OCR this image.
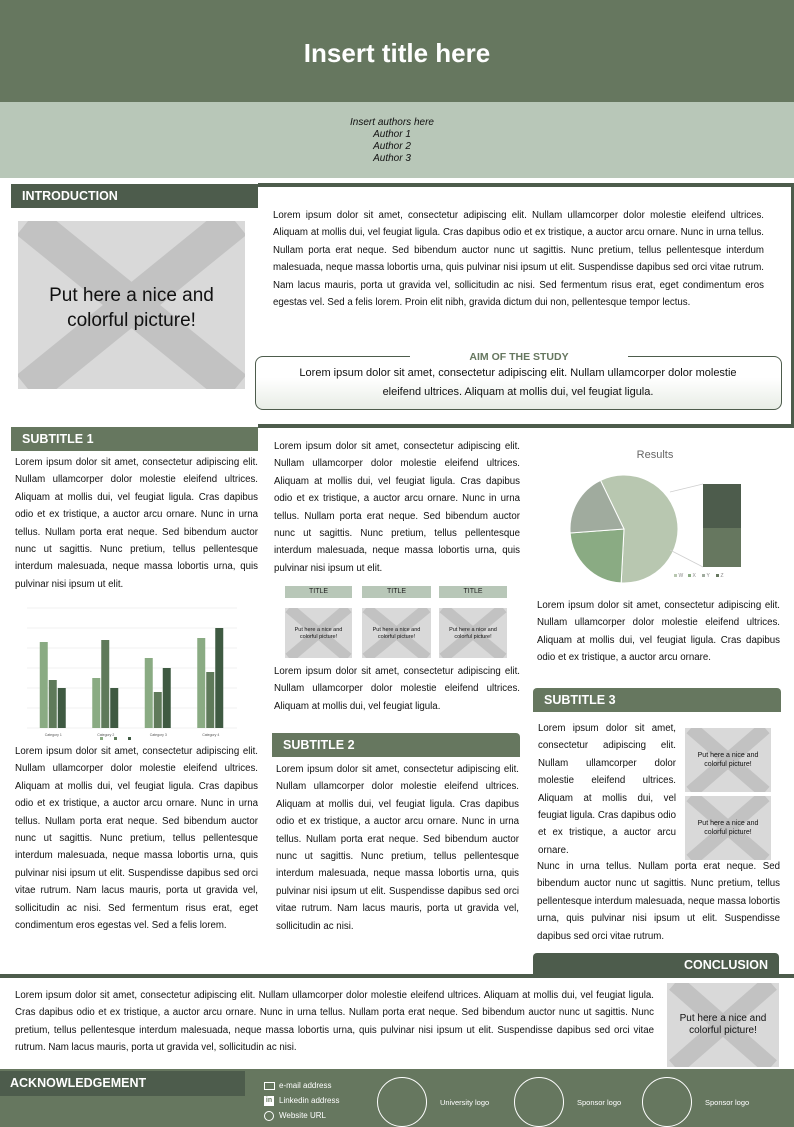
Insert title here
Insert authors here
Author 1
Author 2
Author 3
INTRODUCTION
Put here a nice and colorful picture!
Lorem ipsum dolor sit amet, consectetur adipiscing elit. Nullam ullamcorper dolor molestie eleifend ultrices. Aliquam at mollis dui, vel feugiat ligula. Cras dapibus odio et ex tristique, a auctor arcu ornare. Nunc in urna tellus. Nullam porta erat neque. Sed bibendum auctor nunc ut sagittis. Nunc pretium, tellus pellentesque interdum malesuada, neque massa lobortis urna, quis pulvinar nisi ipsum ut elit. Suspendisse dapibus sed orci vitae rutrum. Nam lacus mauris, porta ut gravida vel, sollicitudin ac nisi. Sed fermentum risus erat, eget condimentum eros egestas vel. Sed a felis lorem. Proin elit nibh, gravida dictum dui non, pellentesque tempor lectus.
AIM OF THE STUDY
Lorem ipsum dolor sit amet, consectetur adipiscing elit. Nullam ullamcorper dolor molestie eleifend ultrices. Aliquam at mollis dui, vel feugiat ligula.
SUBTITLE 1
Lorem ipsum dolor sit amet, consectetur adipiscing elit. Nullam ullamcorper dolor molestie eleifend ultrices. Aliquam at mollis dui, vel feugiat ligula. Cras dapibus odio et ex tristique, a auctor arcu ornare. Nunc in urna tellus. Nullam porta erat neque. Sed bibendum auctor nunc ut sagittis. Nunc pretium, tellus pellentesque interdum malesuada, neque massa lobortis urna, quis pulvinar nisi ipsum ut elit.
Category 1	Category 2	Category 3	Category 4
Lorem ipsum dolor sit amet, consectetur adipiscing elit. Nullam ullamcorper dolor molestie eleifend ultrices. Aliquam at mollis dui, vel feugiat ligula. Cras dapibus odio et ex tristique, a auctor arcu ornare. Nunc in urna tellus. Nullam porta erat neque. Sed bibendum auctor nunc ut sagittis. Nunc pretium, tellus pellentesque interdum malesuada, neque massa lobortis urna, quis pulvinar nisi ipsum ut elit. Suspendisse dapibus sed orci vitae rutrum. Nam lacus mauris, porta ut gravida vel, sollicitudin ac nisi. Sed fermentum risus erat, eget condimentum eros egestas vel. Sed a felis lorem.
Lorem ipsum dolor sit amet, consectetur adipiscing elit. Nullam ullamcorper dolor molestie eleifend ultrices. Aliquam at mollis dui, vel feugiat ligula. Cras dapibus odio et ex tristique, a auctor arcu ornare. Nunc in urna tellus. Nullam porta erat neque. Sed bibendum auctor nunc ut sagittis. Nunc pretium, tellus pellentesque interdum malesuada, neque massa lobortis urna, quis pulvinar nisi ipsum ut elit.
TITLE	TITLE	TITLE
Put here a nice and colorful picture!
Put here a nice and colorful picture!
Put here a nice and colorful picture!
Lorem ipsum dolor sit amet, consectetur adipiscing elit. Nullam ullamcorper dolor molestie eleifend ultrices. Aliquam at mollis dui, vel feugiat ligula.
SUBTITLE 2
Lorem ipsum dolor sit amet, consectetur adipiscing elit. Nullam ullamcorper dolor molestie eleifend ultrices. Aliquam at mollis dui, vel feugiat ligula. Cras dapibus odio et ex tristique, a auctor arcu ornare. Nunc in urna tellus. Nullam porta erat neque. Sed bibendum auctor nunc ut sagittis. Nunc pretium, tellus pellentesque interdum malesuada, neque massa lobortis urna, quis pulvinar nisi ipsum ut elit. Suspendisse dapibus sed orci vitae rutrum. Nam lacus mauris, porta ut gravida vel, sollicitudin ac nisi.
Results
W X Y Z
Lorem ipsum dolor sit amet, consectetur adipiscing elit. Nullam ullamcorper dolor molestie eleifend ultrices. Aliquam at mollis dui, vel feugiat ligula. Cras dapibus odio et ex tristique, a auctor arcu ornare.
SUBTITLE 3
Lorem ipsum dolor sit amet, consectetur adipiscing elit. Nullam ullamcorper dolor molestie eleifend ultrices. Aliquam at mollis dui, vel feugiat ligula. Cras dapibus odio et ex tristique, a auctor arcu ornare.
Put here a nice and colorful picture!
Put here a nice and colorful picture!
Nunc in urna tellus. Nullam porta erat neque. Sed bibendum auctor nunc ut sagittis. Nunc pretium, tellus pellentesque interdum malesuada, neque massa lobortis urna, quis pulvinar nisi ipsum ut elit. Suspendisse dapibus sed orci vitae rutrum.
CONCLUSION
Lorem ipsum dolor sit amet, consectetur adipiscing elit. Nullam ullamcorper dolor molestie eleifend ultrices. Aliquam at mollis dui, vel feugiat ligula. Cras dapibus odio et ex tristique, a auctor arcu ornare. Nunc in urna tellus. Nullam porta erat neque. Sed bibendum auctor nunc ut sagittis. Nunc pretium, tellus pellentesque interdum malesuada, neque massa lobortis urna, quis pulvinar nisi ipsum ut elit. Suspendisse dapibus sed orci vitae rutrum. Nam lacus mauris, porta ut gravida vel, sollicitudin ac nisi.
Put here a nice and colorful picture!
ACKNOWLEDGEMENT	e-mail address
in Linkedin address
Website URL
University logo	Sponsor logo	Sponsor logo
